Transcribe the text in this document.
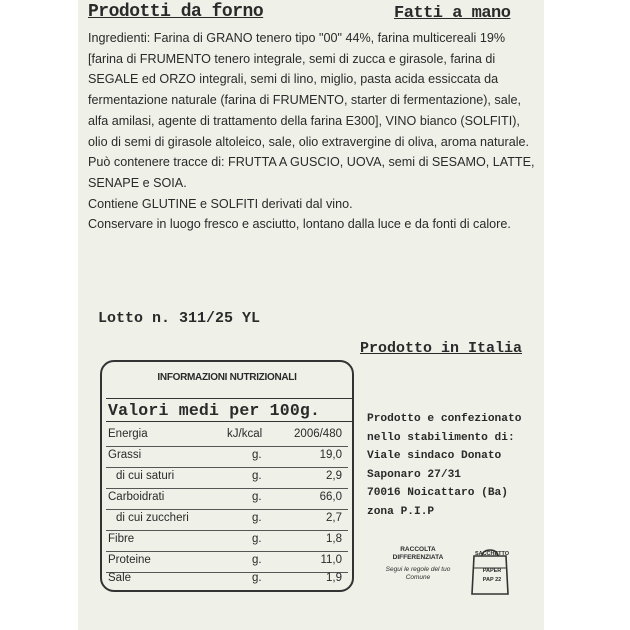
Prodotti da forno	Fatti a mano

Ingredienti: Farina di GRANO tenero tipo "00" 44%, farina multicereali 19% [farina di FRUMENTO tenero integrale, semi di zucca e girasole, farina di SEGALE ed ORZO integrali, semi di lino, miglio, pasta acida essiccata da fermentazione naturale (farina di FRUMENTO, starter di fermentazione), sale, alfa amilasi, agente di trattamento della farina E300], VINO bianco (SOLFITI), olio di semi di girasole altoleico, sale, olio extravergine di oliva, aroma naturale.

Può contenere tracce di: FRUTTA A GUSCIO, UOVA, semi di SESAMO, LATTE, SENAPE e SOIA.

Contiene GLUTINE e SOLFITI derivati dal vino.

Conservare in luogo fresco e asciutto, lontano dalla luce e da fonti di calore.

Lotto n. 311/25 YL
Prodotto in Italia
INFORMAZIONI NUTRIZIONALI
Valori medi per 100g.
Energia	kJ/kcal	2006/480
Grassi	g.	19,0
di cui saturi	g.	2,9
Carboidrati	g.	66,0
di cui zuccheri	g.	2,7
Fibre	g.	1,8
Proteine	g.	11,0
Sale	g.	1,9

Prodotto e confezionato

nello stabilimento di:

Viale sindaco Donato

Saponaro 27/31

70016 Noicattaro (Ba)

zona P.I.P

RACCOLTA DIFFERENZIATA
Segui le regole del tuo Comune
SACCHETTO
PAPER
PAP 22
